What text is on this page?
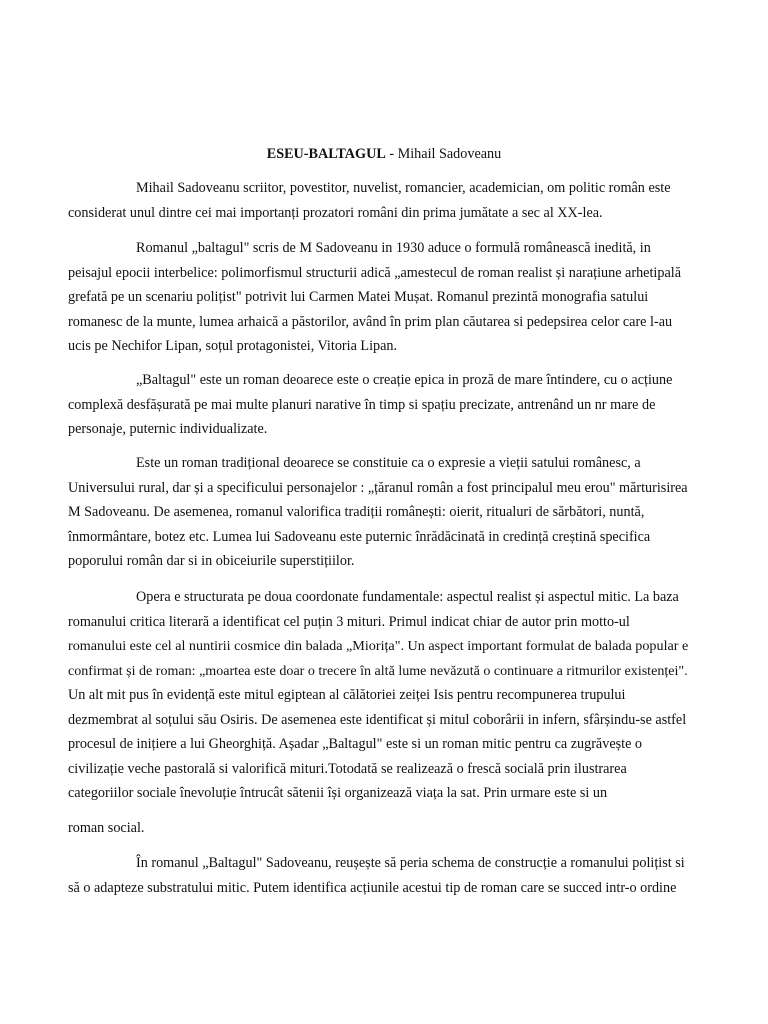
ESEU-BALTAGUL - Mihail Sadoveanu

Mihail Sadoveanu scriitor, povestitor, nuvelist, romancier, academician, om politic român este
considerat unul dintre cei mai importanți prozatori români din prima jumătate a sec al XX-lea.
Romanul „baltagul" scris de M Sadoveanu in 1930 aduce o formulă românească inedită, in
peisajul epocii interbelice: polimorfismul structurii adică „amestecul de roman realist și narațiune arhetipală
grefată pe un scenariu polițist" potrivit lui Carmen Matei Mușat. Romanul prezintă monografia satului
romanesc de la munte, lumea arhaică a păstorilor, având în prim plan căutarea si pedepsirea celor care l-au
ucis pe Nechifor Lipan, soțul protagonistei, Vitoria Lipan.
„Baltagul" este un roman deoarece este o creație epica in proză de mare întindere, cu o acțiune
complexă desfășurată pe mai multe planuri narative în timp si spațiu precizate, antrenând un nr mare de
personaje, puternic individualizate.
Este un roman tradițional deoarece se constituie ca o expresie a vieții satului românesc, a
Universului rural, dar și a specificului personajelor : „țăranul român a fost principalul meu erou" mărturisirea
M Sadoveanu. De asemenea, romanul valorifica tradiții românești: oierit, ritualuri de sărbători, nuntă,
înmormântare, botez etc. Lumea lui Sadoveanu este puternic înrădăcinată in credință creștină specifica
poporului român dar si in obiceiurile superstițiilor.
Opera e structurata pe doua coordonate fundamentale: aspectul realist și aspectul mitic. La baza
romanului critica literară a identificat cel puțin 3 mituri. Primul indicat chiar de autor prin motto-ul
romanului este cel al nuntirii cosmice din balada „Miorița". Un aspect important formulat de balada popular e
confirmat și de roman: „moartea este doar o trecere în altă lume nevăzută o continuare a ritmurilor existenței".
Un alt mit pus în evidență este mitul egiptean al călătoriei zeiței Isis pentru recompunerea trupului
dezmembrat al soțului său Osiris. De asemenea este identificat și mitul coborârii in infern, sfârșindu-se astfel
procesul de inițiere a lui Gheorghiță. Așadar „Baltagul" este si un roman mitic pentru ca zugrăvește o
civilizație veche pastorală si valorifică mituri.Totodată se realizează o frescă socială prin ilustrarea
categoriilor sociale înevoluție întrucât sătenii își organizează viața la sat. Prin urmare este si un
roman social.
În romanul „Baltagul" Sadoveanu, reușește să peria schema de construcție a romanului polițist si
să o adapteze substratului mitic. Putem identifica acțiunile acestui tip de roman care se succed intr-o ordine
